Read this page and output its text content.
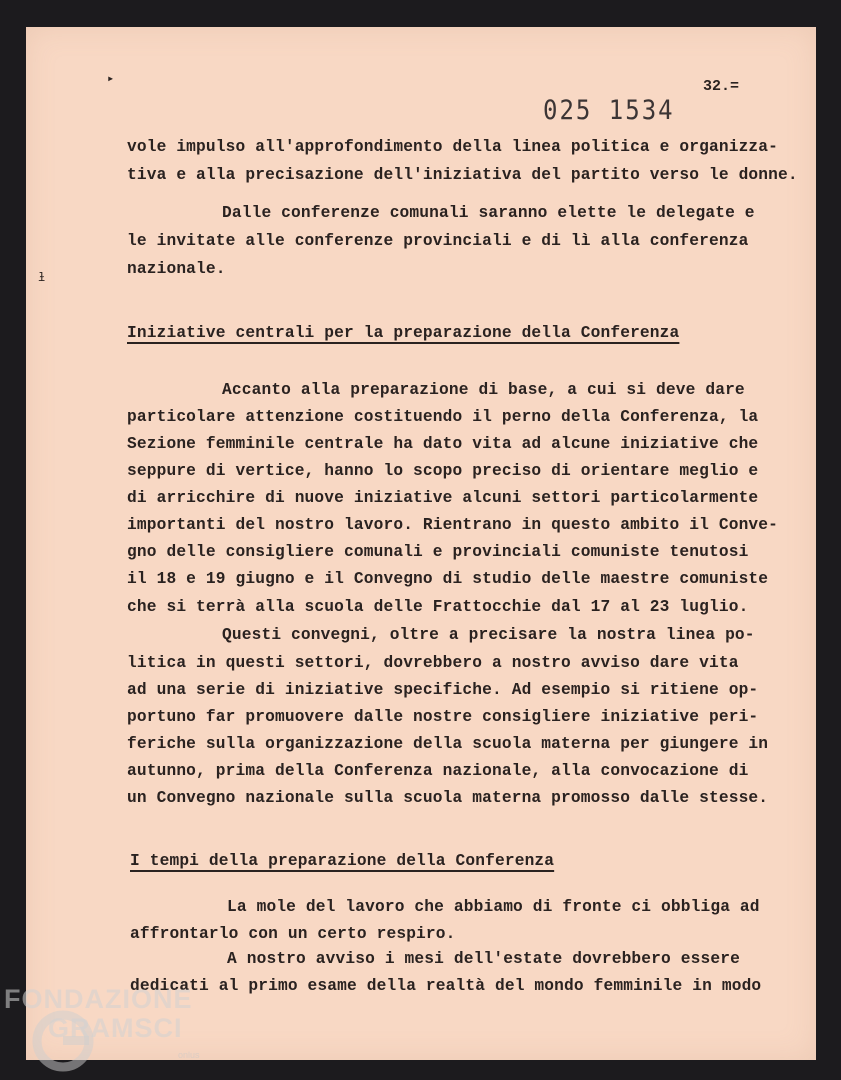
▸
ɫ
32.=
025 1534
vole impulso all'approfondimento della linea politica e organizza-
tiva e alla precisazione dell'iniziativa del partito verso le donne.
Dalle conferenze comunali saranno elette le delegate e
le invitate alle conferenze provinciali e di lì alla conferenza
nazionale.
Iniziative centrali per la preparazione della Conferenza
Accanto alla preparazione di base, a cui si deve dare
particolare attenzione costituendo il perno della Conferenza, la
Sezione femminile centrale ha dato vita ad alcune iniziative che
seppure di vertice, hanno lo scopo preciso di orientare meglio e
di arricchire di nuove iniziative alcuni settori particolarmente
importanti del nostro lavoro. Rientrano in questo ambito il Conve-
gno delle consigliere comunali e provinciali comuniste tenutosi
il 18 e 19 giugno e il Convegno di studio delle maestre comuniste
che si terrà alla scuola delle Frattocchie dal 17 al 23 luglio.
Questi convegni, oltre a precisare la nostra linea po-
litica in questi settori, dovrebbero a nostro avviso dare vita
ad una serie di iniziative specifiche. Ad esempio si ritiene op-
portuno far promuovere dalle nostre consigliere iniziative peri-
feriche sulla organizzazione della scuola materna per giungere in
autunno, prima della Conferenza nazionale, alla convocazione di
un Convegno nazionale sulla scuola materna promosso dalle stesse.
I tempi della preparazione della Conferenza
La mole del lavoro che abbiamo di fronte ci obbliga ad
affrontarlo con un certo respiro.
A nostro avviso i mesi dell'estate dovrebbero essere
dedicati al primo esame della realtà del mondo femminile in modo
FONDAZIONE
GRAMSCI
onlus
